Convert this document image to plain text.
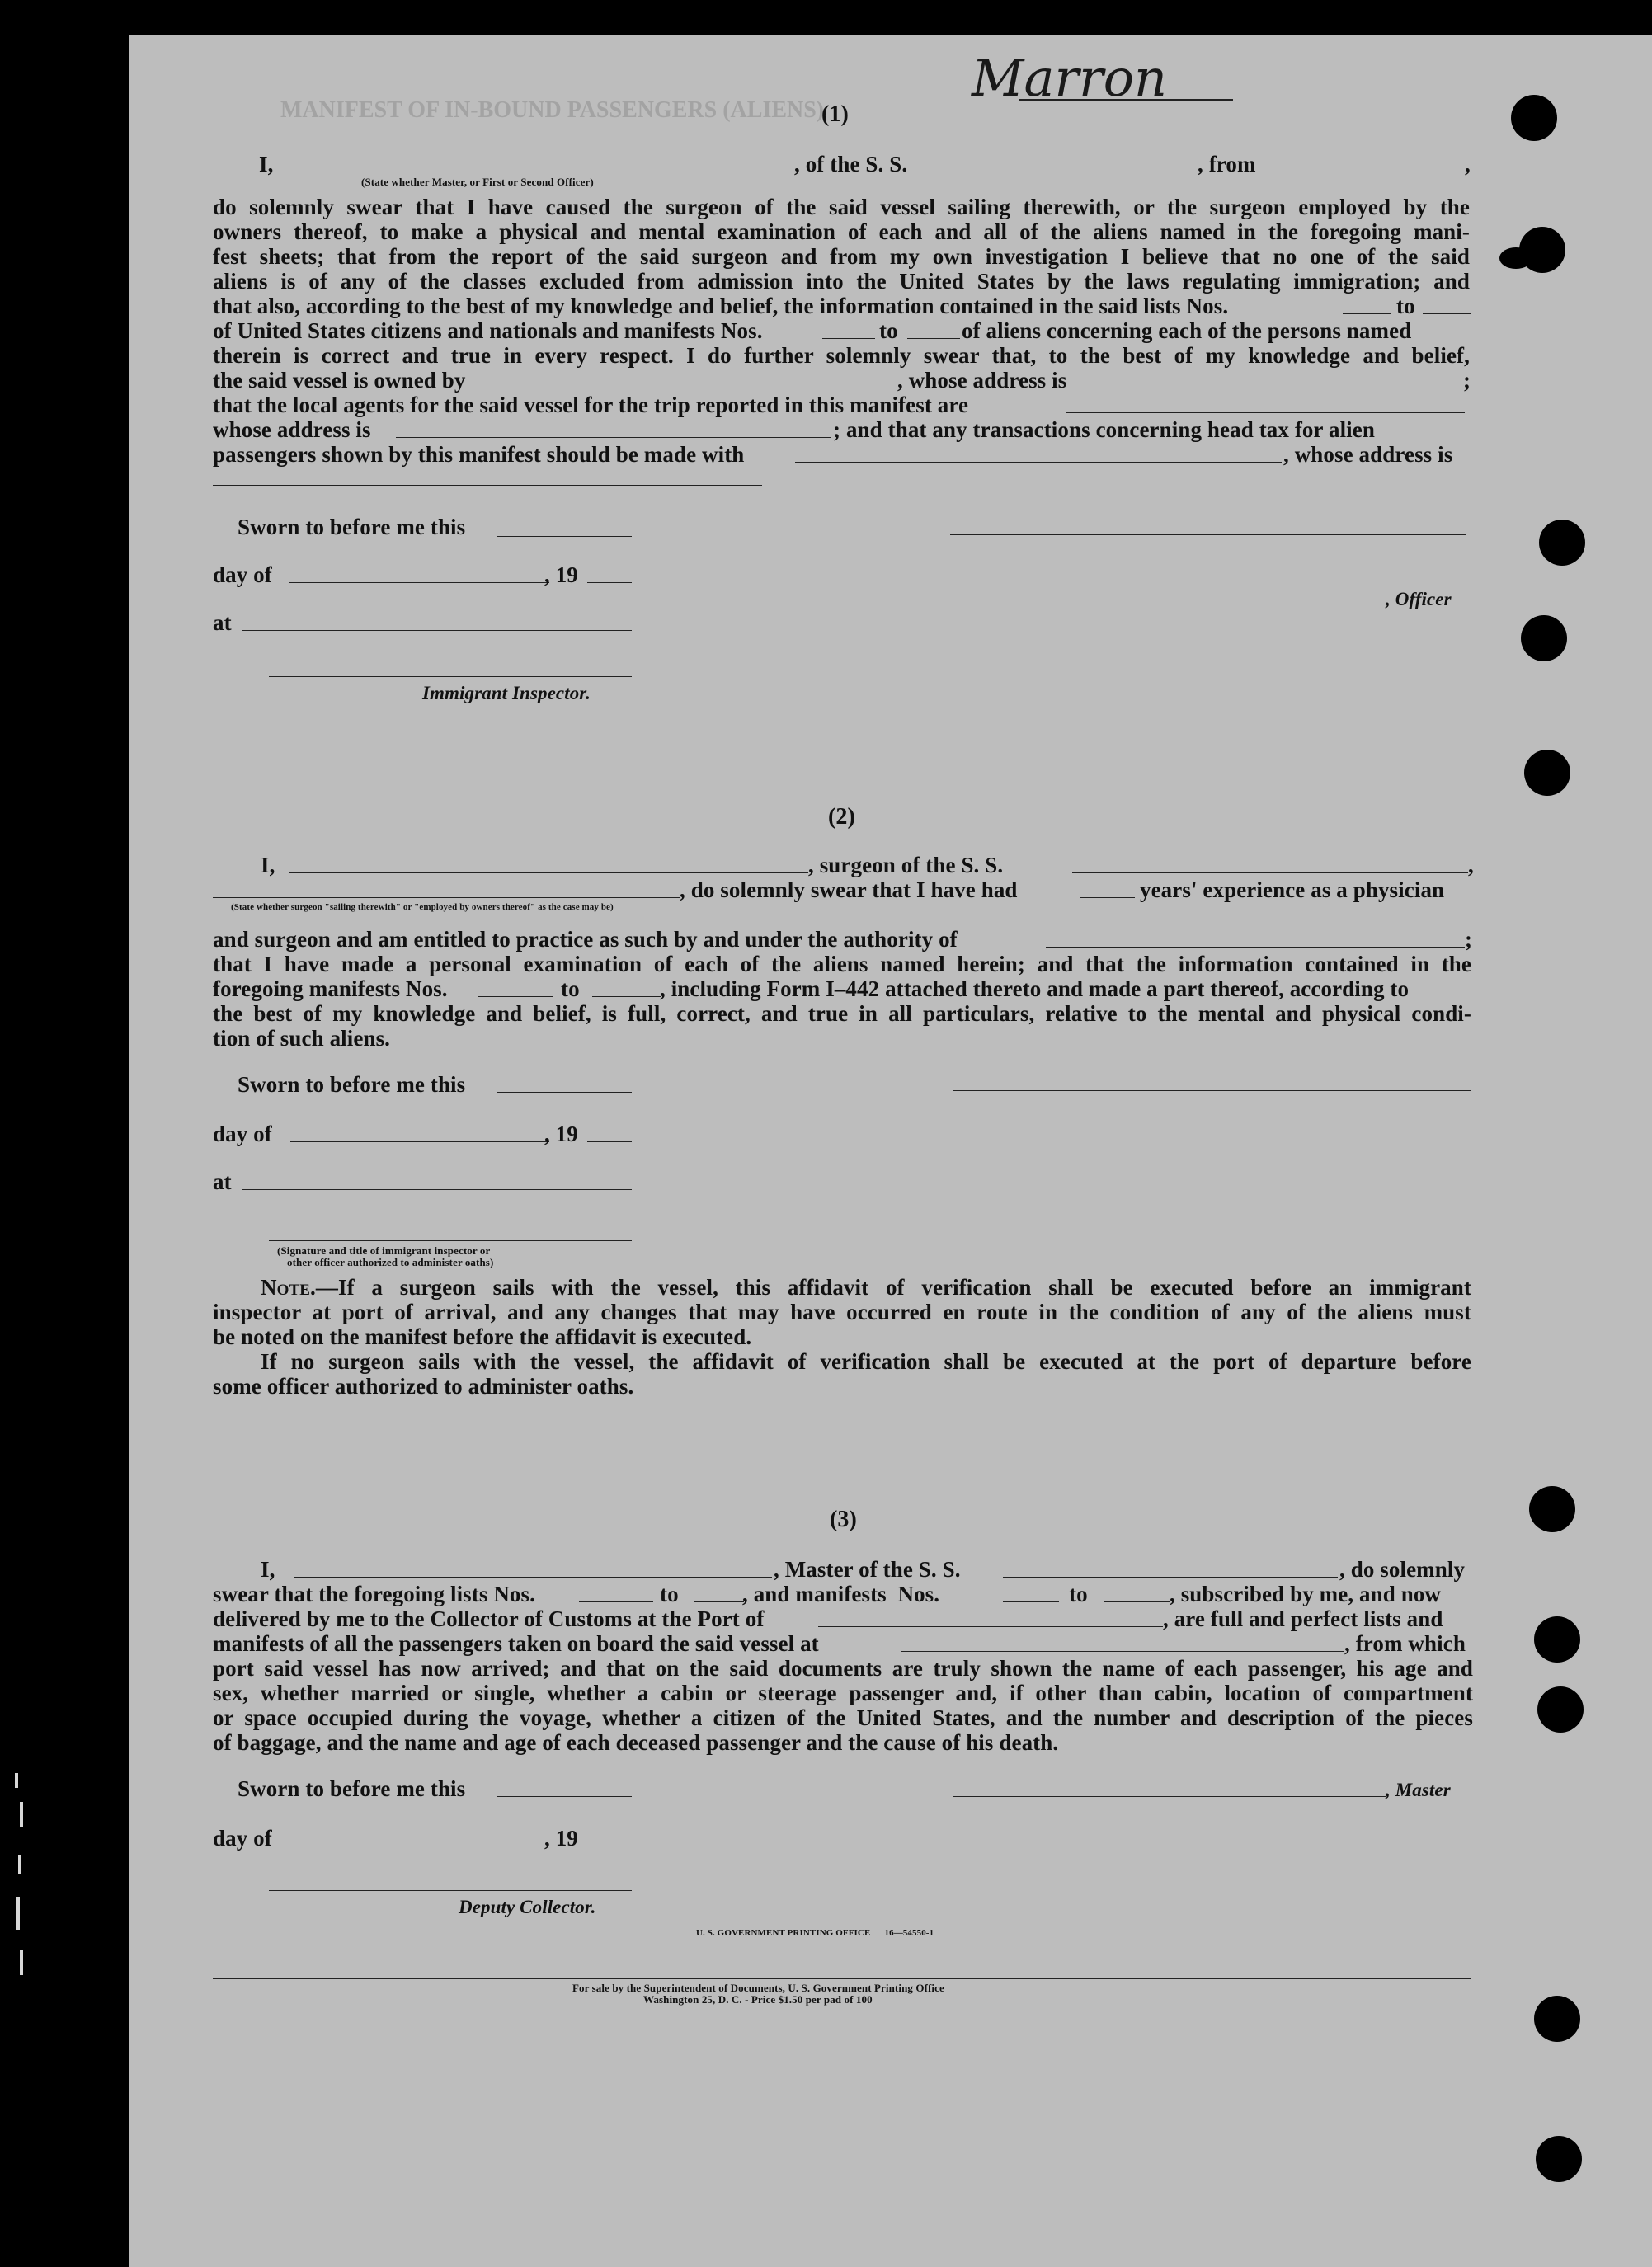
MANIFEST OF IN-BOUND PASSENGERS (ALIENS)
Marron
(1)
I,	, of the S. S.	, from	,
(State whether Master, or First or Second Officer)
do solemnly swear that I have caused the surgeon of the said vessel sailing therewith, or the surgeon employed by the
owners thereof, to make a physical and mental examination of each and all of the aliens named in the foregoing mani-
fest sheets; that from the report of the said surgeon and from my own investigation I believe that no one of the said
aliens is of any of the classes excluded from admission into the United States by the laws regulating immigration; and
that also, according to the best of my knowledge and belief, the information contained in the said lists Nos.	to
of United States citizens and nationals and manifests Nos.	to	of aliens concerning each of the persons named
therein is correct and true in every respect. I do further solemnly swear that, to the best of my knowledge and belief,
the said vessel is owned by	, whose address is	;
that the local agents for the said vessel for the trip reported in this manifest are
whose address is	; and that any transactions concerning head tax for alien
passengers shown by this manifest should be made with	, whose address is
Sworn to before me this
day of	, 19
, Officer
at
Immigrant Inspector.
(2)
I,	, surgeon of the S. S.	,
, do solemnly swear that I have had	years' experience as a physician
(State whether surgeon "sailing therewith" or "employed by owners thereof" as the case may be)
and surgeon and am entitled to practice as such by and under the authority of	;
that I have made a personal examination of each of the aliens named herein; and that the information contained in the
foregoing manifests Nos.	to	, including Form I–442 attached thereto and made a part thereof, according to
the best of my knowledge and belief, is full, correct, and true in all particulars, relative to the mental and physical condi-
tion of such aliens.
Sworn to before me this
day of	, 19
at
(Signature and title of immigrant inspector or
other officer authorized to administer oaths)
Note.—If a surgeon sails with the vessel, this affidavit of verification shall be executed before an immigrant
inspector at port of arrival, and any changes that may have occurred en route in the condition of any of the aliens must
be noted on the manifest before the affidavit is executed.
If no surgeon sails with the vessel, the affidavit of verification shall be executed at the port of departure before
some officer authorized to administer oaths.
(3)
I,	, Master of the S. S.	, do solemnly
swear that the foregoing lists Nos.	to	, and manifests  Nos.	to	, subscribed by me, and now
delivered by me to the Collector of Customs at the Port of	, are full and perfect lists and
manifests of all the passengers taken on board the said vessel at	, from which
port said vessel has now arrived; and that on the said documents are truly shown the name of each passenger, his age and
sex, whether married or single, whether a cabin or steerage passenger and, if other than cabin, location of compartment
or space occupied during the voyage, whether a citizen of the United States, and the number and description of the pieces
of baggage, and the name and age of each deceased passenger and the cause of his death.
Sworn to before me this	, Master
day of	, 19
Deputy Collector.
U. S. GOVERNMENT PRINTING OFFICE      16—54550-1
For sale by the Superintendent of Documents, U. S. Government Printing Office
Washington 25, D. C. - Price $1.50 per pad of 100
